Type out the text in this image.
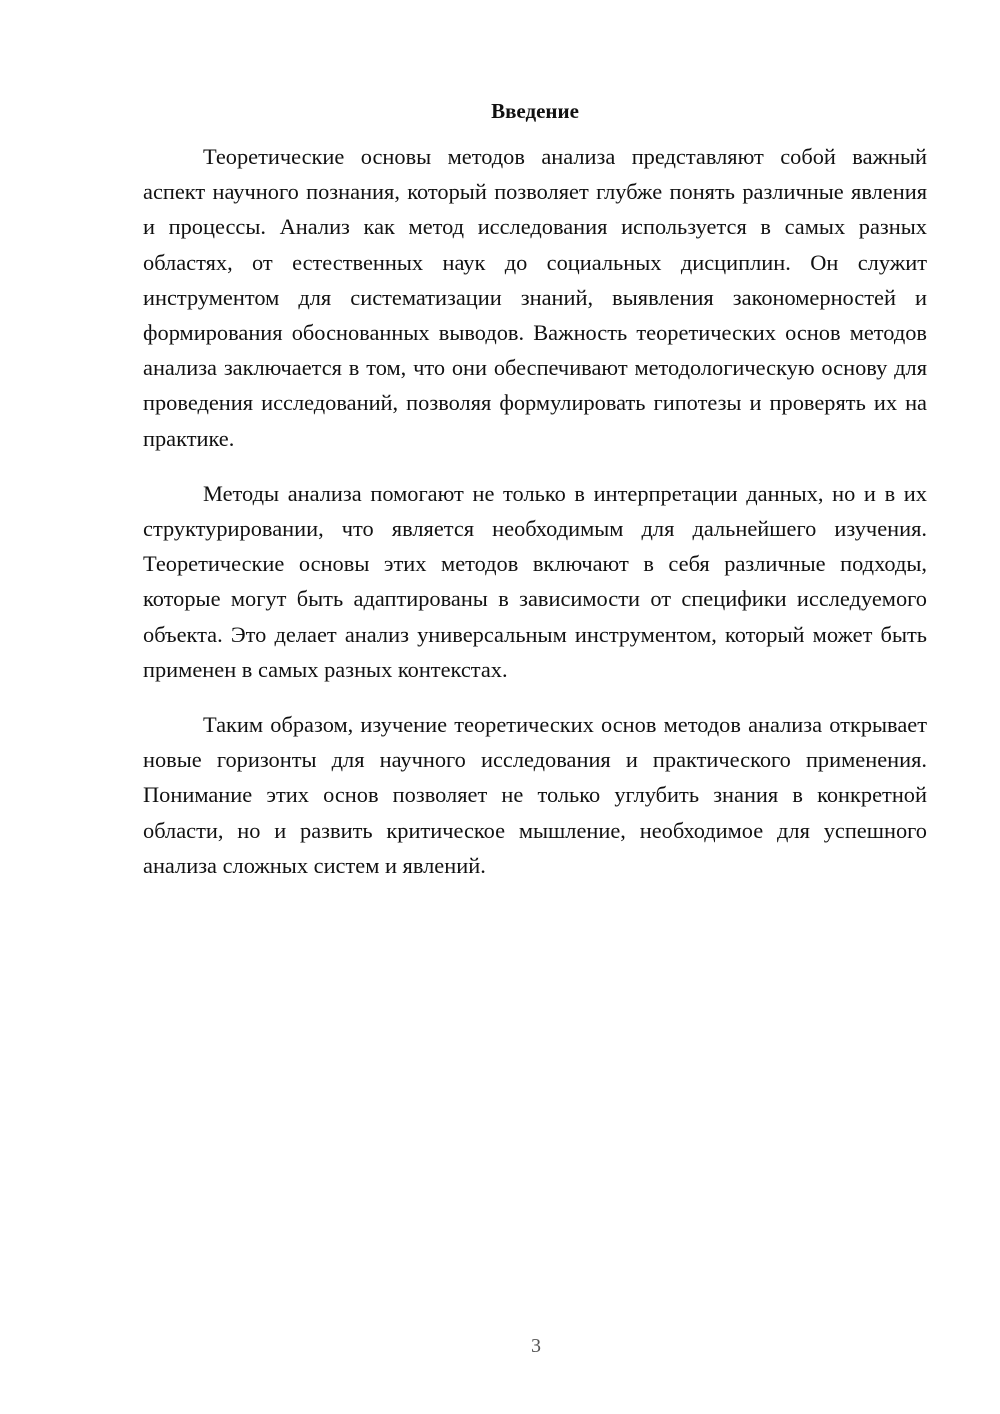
Введение

Теоретические основы методов анализа представляют собой важный аспект научного познания, который позволяет глубже понять различные явления и процессы. Анализ как метод исследования используется в самых разных областях, от естественных наук до социальных дисциплин. Он служит инструментом для систематизации знаний, выявления закономерностей и формирования обоснованных выводов. Важность теоретических основ методов анализа заключается в том, что они обеспечивают методологическую основу для проведения исследований, позволяя формулировать гипотезы и проверять их на практике.

Методы анализа помогают не только в интерпретации данных, но и в их структурировании, что является необходимым для дальнейшего изучения. Теоретические основы этих методов включают в себя различные подходы, которые могут быть адаптированы в зависимости от специфики исследуемого объекта. Это делает анализ универсальным инструментом, который может быть применен в самых разных контекстах.

Таким образом, изучение теоретических основ методов анализа открывает новые горизонты для научного исследования и практического применения. Понимание этих основ позволяет не только углубить знания в конкретной области, но и развить критическое мышление, необходимое для успешного анализа сложных систем и явлений.

3
